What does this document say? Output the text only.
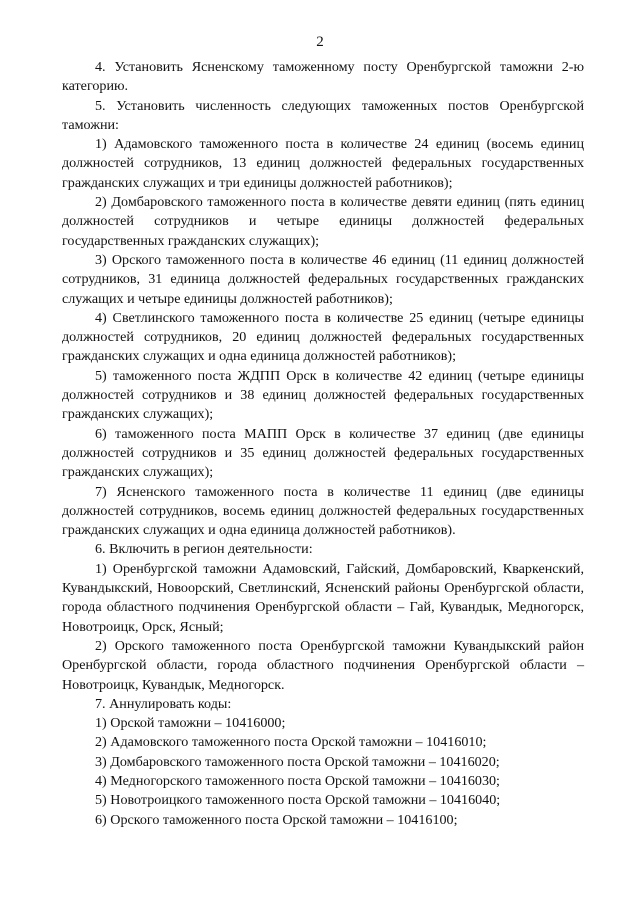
2

4. Установить Ясненскому таможенному посту Оренбургской таможни 2-ю категорию.

5. Установить численность следующих таможенных постов Оренбургской таможни:

1) Адамовского таможенного поста в количестве 24 единиц (восемь единиц должностей сотрудников, 13 единиц должностей федеральных государственных гражданских служащих и три единицы должностей работников);

2) Домбаровского таможенного поста в количестве девяти единиц (пять единиц должностей сотрудников и четыре единицы должностей федеральных государственных гражданских служащих);

3) Орского таможенного поста в количестве 46 единиц (11 единиц должностей сотрудников, 31 единица должностей федеральных государственных гражданских служащих и четыре единицы должностей работников);

4) Светлинского таможенного поста в количестве 25 единиц (четыре единицы должностей сотрудников, 20 единиц должностей федеральных государственных гражданских служащих и одна единица должностей работников);

5) таможенного поста ЖДПП Орск в количестве 42 единиц (четыре единицы должностей сотрудников и 38 единиц должностей федеральных государственных гражданских служащих);

6) таможенного поста МАПП Орск в количестве 37 единиц (две единицы должностей сотрудников и 35 единиц должностей федеральных государственных гражданских служащих);

7) Ясненского таможенного поста в количестве 11 единиц (две единицы должностей сотрудников, восемь единиц должностей федеральных государственных гражданских служащих и одна единица должностей работников).

6. Включить в регион деятельности:

1) Оренбургской таможни Адамовский, Гайский, Домбаровский, Кваркенский, Кувандыкский, Новоорский, Светлинский, Ясненский районы Оренбургской области, города областного подчинения Оренбургской области – Гай, Кувандык, Медногорск, Новотроицк, Орск, Ясный;

2) Орского таможенного поста Оренбургской таможни Кувандыкский район Оренбургской области, города областного подчинения Оренбургской области – Новотроицк, Кувандык, Медногорск.

7. Аннулировать коды:

1) Орской таможни – 10416000;

2) Адамовского таможенного поста Орской таможни – 10416010;

3) Домбаровского таможенного поста Орской таможни – 10416020;

4) Медногорского таможенного поста Орской таможни – 10416030;

5) Новотроицкого таможенного поста Орской таможни – 10416040;

6) Орского таможенного поста Орской таможни – 10416100;
